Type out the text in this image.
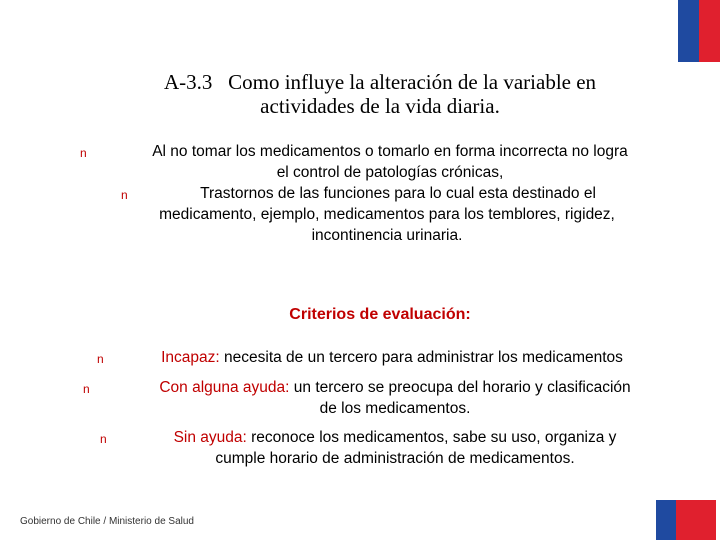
A-3.3   Como influye la alteración de la variable en
actividades de la vida diaria.
n	Al no tomar los medicamentos o tomarlo en forma incorrecta no logra
el control de patologías crónicas,
n	Trastornos de las funciones para lo cual esta destinado el
medicamento, ejemplo, medicamentos para los temblores, rigidez,
incontinencia urinaria.
Criterios de evaluación:
n	Incapaz: necesita de un tercero para administrar los medicamentos
n	Con alguna ayuda: un tercero se preocupa del horario y clasificación
de los medicamentos.
n	Sin ayuda: reconoce los medicamentos, sabe su uso, organiza y
cumple horario de administración de medicamentos.
Gobierno de Chile / Ministerio de Salud
